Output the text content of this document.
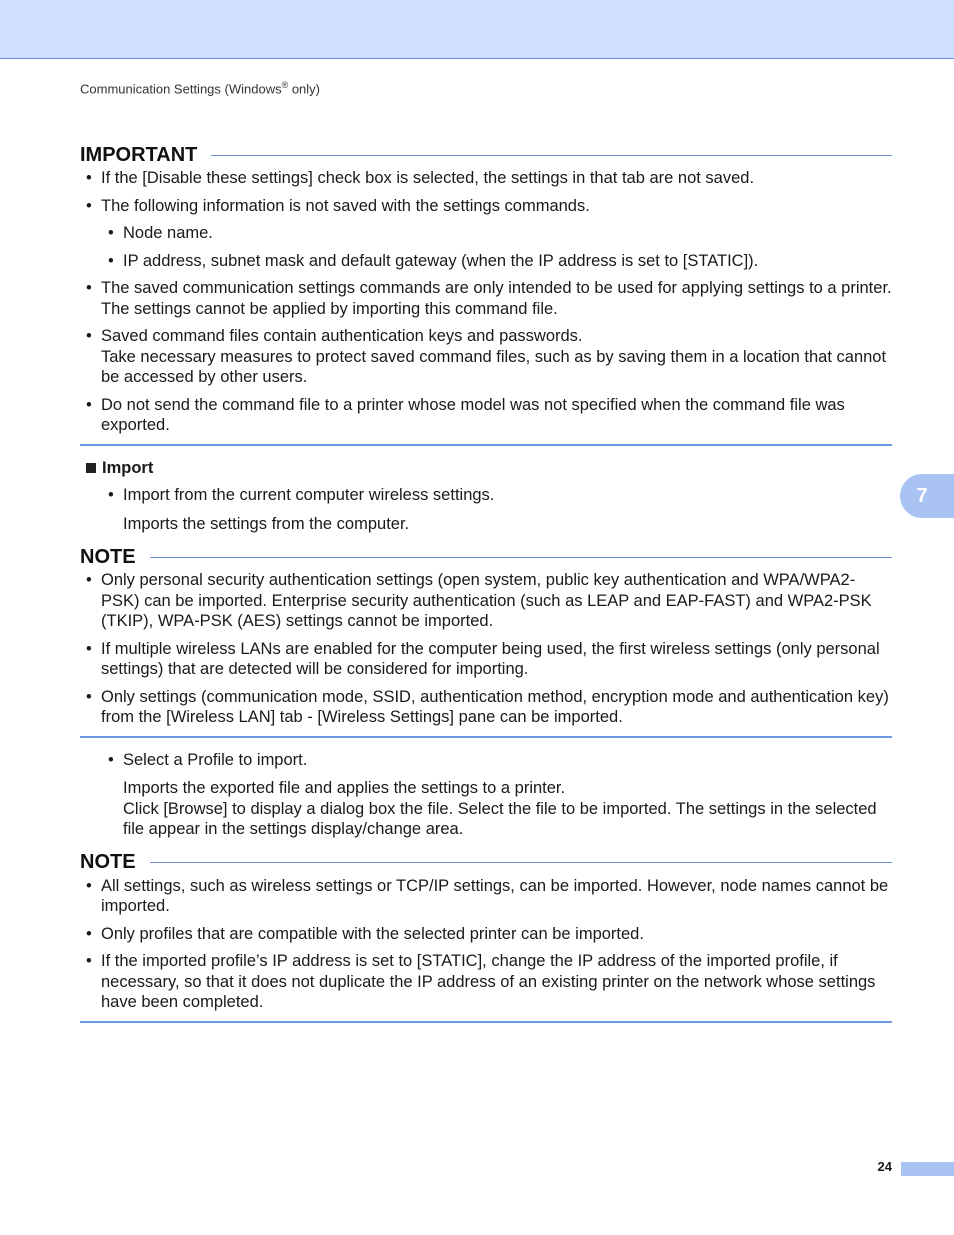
Communication Settings (Windows® only)
7
IMPORTANT
• If the [Disable these settings] check box is selected, the settings in that tab are not saved.
• The following information is not saved with the settings commands.
• Node name.
• IP address, subnet mask and default gateway (when the IP address is set to [STATIC]).
• The saved communication settings commands are only intended to be used for applying settings to a printer. The settings cannot be applied by importing this command file.
• Saved command files contain authentication keys and passwords.
Take necessary measures to protect saved command files, such as by saving them in a location that cannot be accessed by other users.
• Do not send the command file to a printer whose model was not specified when the command file was exported.
Import
• Import from the current computer wireless settings.
Imports the settings from the computer.
NOTE
• Only personal security authentication settings (open system, public key authentication and WPA/WPA2-PSK) can be imported. Enterprise security authentication (such as LEAP and EAP-FAST) and WPA2-PSK (TKIP), WPA-PSK (AES) settings cannot be imported.
• If multiple wireless LANs are enabled for the computer being used, the first wireless settings (only personal settings) that are detected will be considered for importing.
• Only settings (communication mode, SSID, authentication method, encryption mode and authentication key) from the [Wireless LAN] tab - [Wireless Settings] pane can be imported.
• Select a Profile to import.
Imports the exported file and applies the settings to a printer.
Click [Browse] to display a dialog box the file. Select the file to be imported. The settings in the selected file appear in the settings display/change area.
NOTE
• All settings, such as wireless settings or TCP/IP settings, can be imported. However, node names cannot be imported.
• Only profiles that are compatible with the selected printer can be imported.
• If the imported profile’s IP address is set to [STATIC], change the IP address of the imported profile, if necessary, so that it does not duplicate the IP address of an existing printer on the network whose settings have been completed.
24
